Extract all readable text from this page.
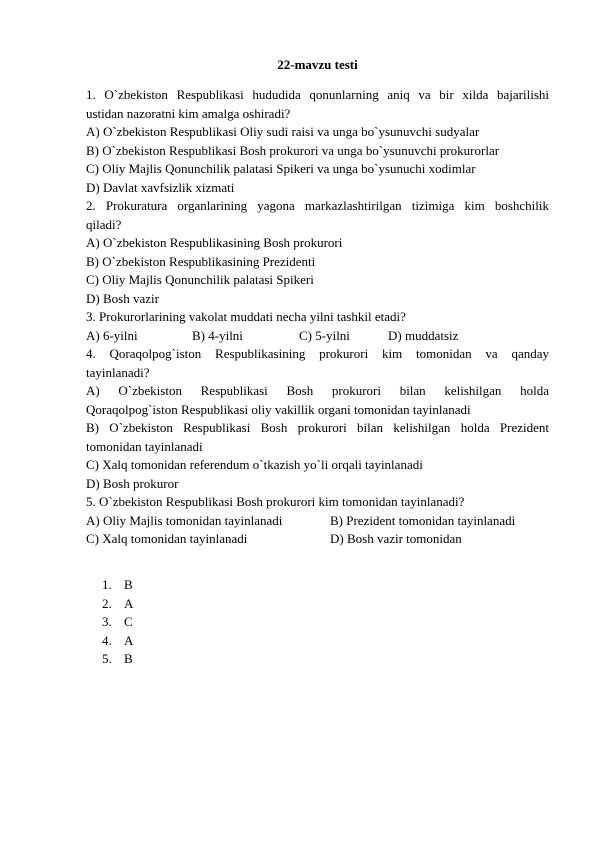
22-mavzu testi
1. O`zbekiston Respublikasi hududida qonunlarning aniq va bir xilda bajarilishi
ustidan nazoratni kim amalga oshiradi?
A) O`zbekiston Respublikasi Oliy sudi raisi va unga bo`ysunuvchi sudyalar
B) O`zbekiston Respublikasi Bosh prokurori va unga bo`ysunuvchi prokurorlar
C) Oliy Majlis Qonunchilik palatasi Spikeri va unga bo`ysunuchi xodimlar
D) Davlat xavfsizlik xizmati
2. Prokuratura organlarining yagona markazlashtirilgan tizimiga kim boshchilik
qiladi?
A) O`zbekiston Respublikasining Bosh prokurori
B) O`zbekiston Respublikasining Prezidenti
C) Oliy Majlis Qonunchilik palatasi Spikeri
D) Bosh vazir
3. Prokurorlarining vakolat muddati necha yilni tashkil etadi?
A) 6-yilni	B) 4-yilni	C) 5-yilni	D) muddatsiz
4. Qoraqolpog`iston Respublikasining prokurori kim tomonidan va qanday
tayinlanadi?
A) O`zbekiston Respublikasi Bosh prokurori bilan kelishilgan holda
Qoraqolpog`iston Respublikasi oliy vakillik organi tomonidan tayinlanadi
B) O`zbekiston Respublikasi Bosh prokurori bilan kelishilgan holda Prezident
tomonidan tayinlanadi
C) Xalq tomonidan referendum o`tkazish yo`li orqali tayinlanadi
D) Bosh prokuror
5. O`zbekiston Respublikasi Bosh prokurori kim tomonidan tayinlanadi?
A) Oliy Majlis tomonidan tayinlanadi	B) Prezident tomonidan tayinlanadi
C) Xalq tomonidan tayinlanadi	D) Bosh vazir tomonidan
1. B
2. A
3. C
4. A
5. B
